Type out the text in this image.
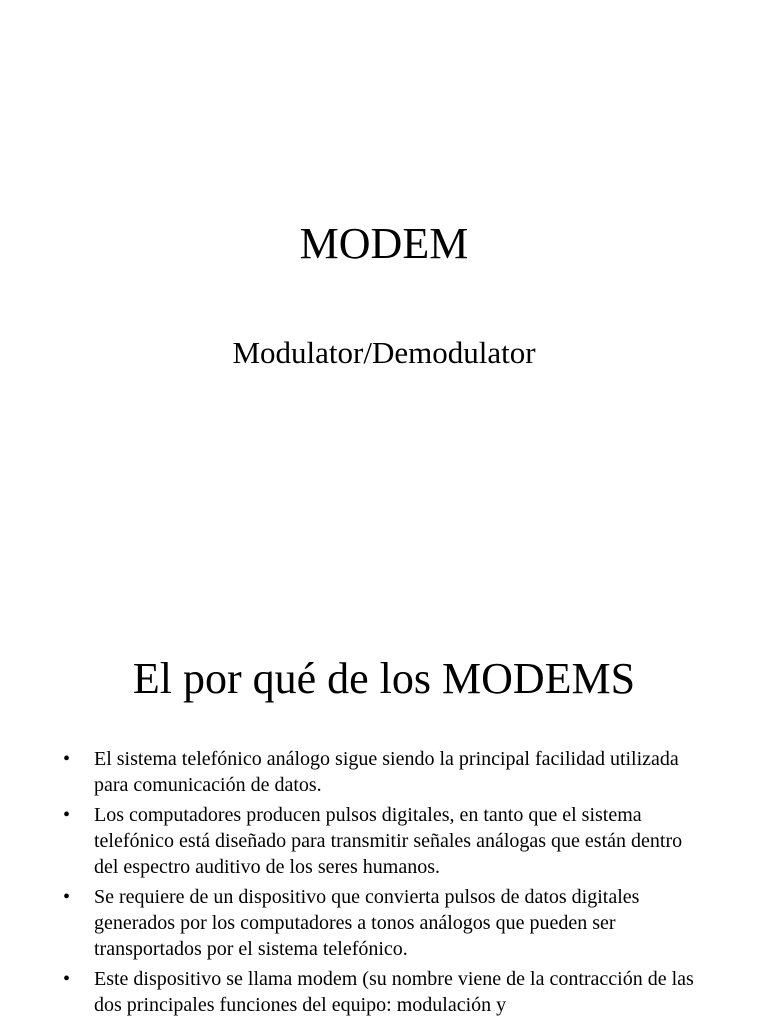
MODEM
Modulator/Demodulator
El por qué de los MODEMS
• El sistema telefónico análogo sigue siendo la principal facilidad utilizada para comunicación de datos.
• Los computadores producen pulsos digitales, en tanto que el sistema telefónico está diseñado para transmitir señales análogas que están dentro del espectro auditivo de los seres humanos.
• Se requiere de un dispositivo que convierta pulsos de datos digitales generados por los computadores a tonos análogos que pueden ser transportados por el sistema telefónico.
• Este dispositivo se llama modem (su nombre viene de la contracción de las dos principales funciones del equipo: modulación y
